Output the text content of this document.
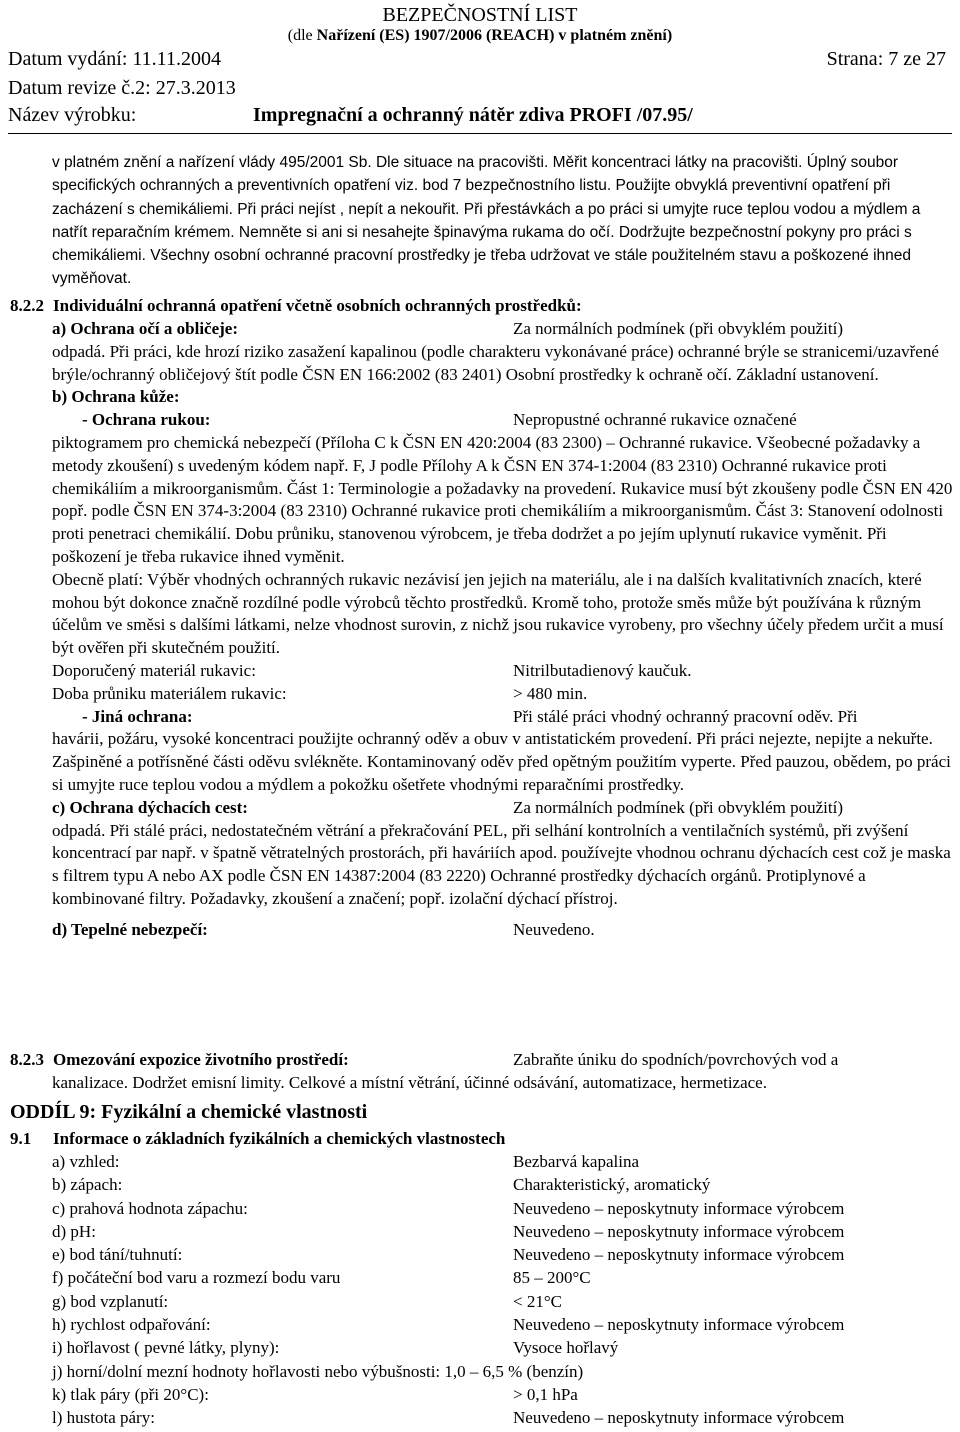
BEZPEČNOSTNÍ LIST
(dle Nařízení (ES) 1907/2006 (REACH) v platném znění)
Datum vydání: 11.11.2004	Strana: 7 ze 27
Datum revize č.2: 27.3.2013
Název výrobku:	Impregnační a ochranný nátěr zdiva PROFI /07.95/

v platném znění a nařízení vlády 495/2001 Sb. Dle situace na pracovišti. Měřit koncentraci látky na pracovišti. Úplný soubor specifických ochranných a preventivních opatření viz. bod 7 bezpečnostního listu. Použijte obvyklá preventivní opatření při zacházení s chemikáliemi. Při práci nejíst , nepít a nekouřit. Při přestávkách a po práci si umyjte ruce teplou vodou a mýdlem a natřít reparačním krémem. Nemněte si ani si nesahejte špinavýma rukama do očí. Dodržujte bezpečnostní pokyny pro práci s chemikáliemi. Všechny osobní ochranné pracovní prostředky je třeba udržovat ve stále použitelném stavu a poškozené ihned vyměňovat.

8.2.2 Individuální ochranná opatření včetně osobních ochranných prostředků:
a) Ochrana očí a obličeje:	Za normálních podmínek (při obvyklém použití)

odpadá. Při práci, kde hrozí riziko zasažení kapalinou (podle charakteru vykonávané práce) ochranné brýle se stranicemi/uzavřené brýle/ochranný obličejový štít podle ČSN EN 166:2002 (83 2401) Osobní prostředky k ochraně očí. Základní ustanovení.

b) Ochrana kůže:
- Ochrana rukou:	Nepropustné ochranné rukavice označené

piktogramem pro chemická nebezpečí (Příloha C k ČSN EN 420:2004 (83 2300) – Ochranné rukavice. Všeobecné požadavky a metody zkoušení) s uvedeným kódem např. F, J podle Přílohy A k ČSN EN 374-1:2004 (83 2310) Ochranné rukavice proti chemikáliím a mikroorganismům. Část 1: Terminologie a požadavky na provedení. Rukavice musí být zkoušeny podle ČSN EN 420 popř. podle ČSN EN 374-3:2004 (83 2310) Ochranné rukavice proti chemikáliím a mikroorganismům. Část 3: Stanovení odolnosti proti penetraci chemikálií. Dobu průniku, stanovenou výrobcem, je třeba dodržet a po jejím uplynutí rukavice vyměnit. Při poškození je třeba rukavice ihned vyměnit.

Obecně platí: Výběr vhodných ochranných rukavic nezávisí jen jejich na materiálu, ale i na dalších kvalitativních znacích, které mohou být dokonce značně rozdílné podle výrobců těchto prostředků. Kromě toho, protože směs může být používána k různým účelům ve směsi s dalšími látkami, nelze vhodnost surovin, z nichž jsou rukavice vyrobeny, pro všechny účely předem určit a musí být ověřen při skutečném použití.

Doporučený materiál rukavic:	Nitrilbutadienový kaučuk.
Doba průniku materiálem rukavic:	> 480 min.
- Jiná ochrana:	Při stálé práci vhodný ochranný pracovní oděv. Při

havárii, požáru, vysoké koncentraci použijte ochranný oděv a obuv v antistatickém provedení. Při práci nejezte, nepijte a nekuřte. Zašpiněné a potřísněné části oděvu svlékněte. Kontaminovaný oděv před opětným použitím vyperte. Před pauzou, obědem, po práci si umyjte ruce teplou vodou a mýdlem a pokožku ošetřete vhodnými reparačními prostředky.

c) Ochrana dýchacích cest:	Za normálních podmínek (při obvyklém použití)

odpadá. Při stálé práci, nedostatečném větrání a překračování PEL, při selhání kontrolních a ventilačních systémů, při zvýšení koncentrací par např. v špatně větratelných prostorách, při haváriích apod. používejte vhodnou ochranu dýchacích cest což je maska s filtrem typu A nebo AX podle ČSN EN 14387:2004 (83 2220) Ochranné prostředky dýchacích orgánů. Protiplynové a kombinované filtry. Požadavky, zkoušení a značení; popř. izolační dýchací přístroj.

d) Tepelné nebezpečí:	Neuvedeno.
8.2.3 Omezování expozice životního prostředí:	Zabraňte úniku do spodních/povrchových vod a

kanalizace. Dodržet emisní limity. Celkové a místní větrání, účinné odsávání, automatizace, hermetizace.

ODDÍL 9: Fyzikální a chemické vlastnosti
9.1 Informace o základních fyzikálních a chemických vlastnostech
a) vzhled:	Bezbarvá kapalina
b) zápach:	Charakteristický, aromatický
c) prahová hodnota zápachu:	Neuvedeno – neposkytnuty informace výrobcem
d) pH:	Neuvedeno – neposkytnuty informace výrobcem
e) bod tání/tuhnutí:	Neuvedeno – neposkytnuty informace výrobcem
f) počáteční bod varu a rozmezí bodu varu	85 – 200°C
g) bod vzplanutí:	< 21°C
h) rychlost odpařování:	Neuvedeno – neposkytnuty informace výrobcem
i) hořlavost ( pevné látky, plyny):	Vysoce hořlavý
j) horní/dolní mezní hodnoty hořlavosti nebo výbušnosti: 1,0 – 6,5 % (benzín)
k) tlak páry (při 20°C):	> 0,1 hPa
l) hustota páry:	Neuvedeno – neposkytnuty informace výrobcem
